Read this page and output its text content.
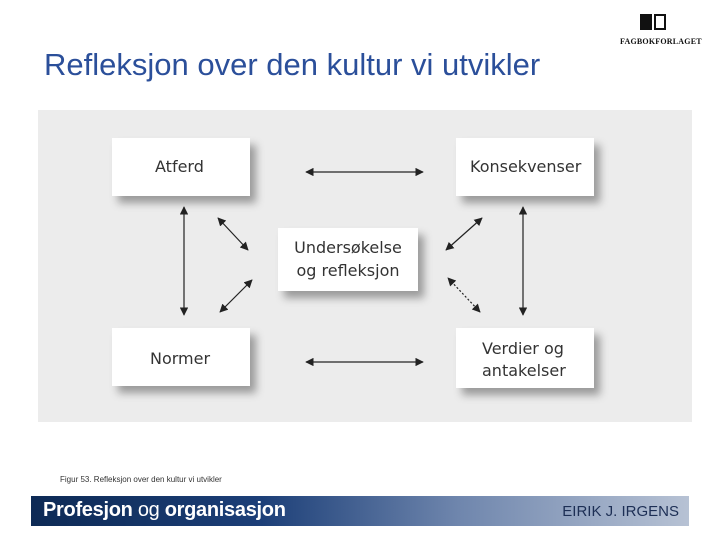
FAGBOKFORLAGET
Refleksjon over den kultur vi utvikler
Atferd	Konsekvenser
Undersøkelse
og refleksjon
Normer
Verdier og
antakelser

Figur 53. Refleksjon over den kultur vi utvikler

Profesjon og organisasjon	EIRIK J. IRGENS
